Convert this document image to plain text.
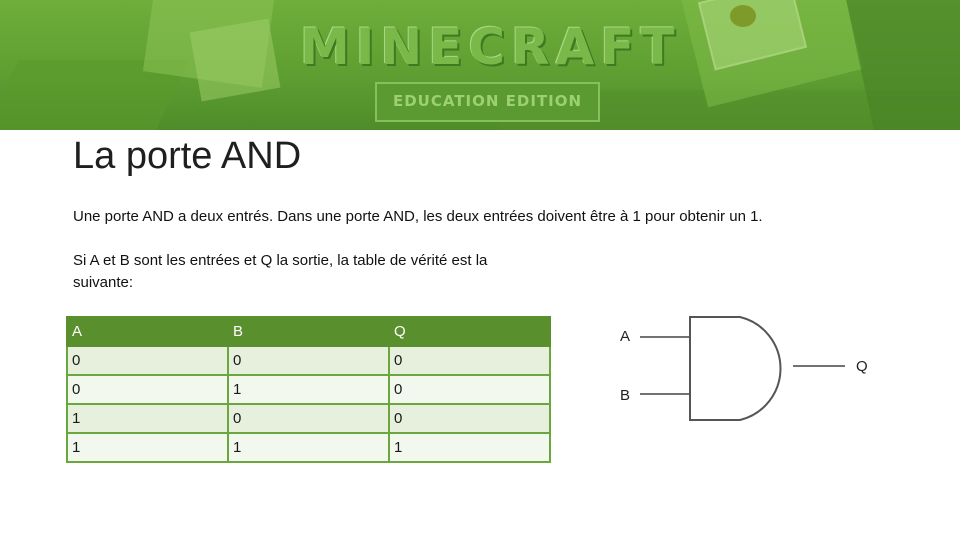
MINECRAFT
EDUCATION EDITION
La porte AND

Une porte AND a deux entrés. Dans une porte AND, les deux entrées doivent être à 1 pour obtenir un 1.

Si A et B sont les entrées et Q la sortie, la table de vérité est la suivante:

A	B	Q
0	0	0
0	1	0
1	0	0
1	1	1
A
B
Q
